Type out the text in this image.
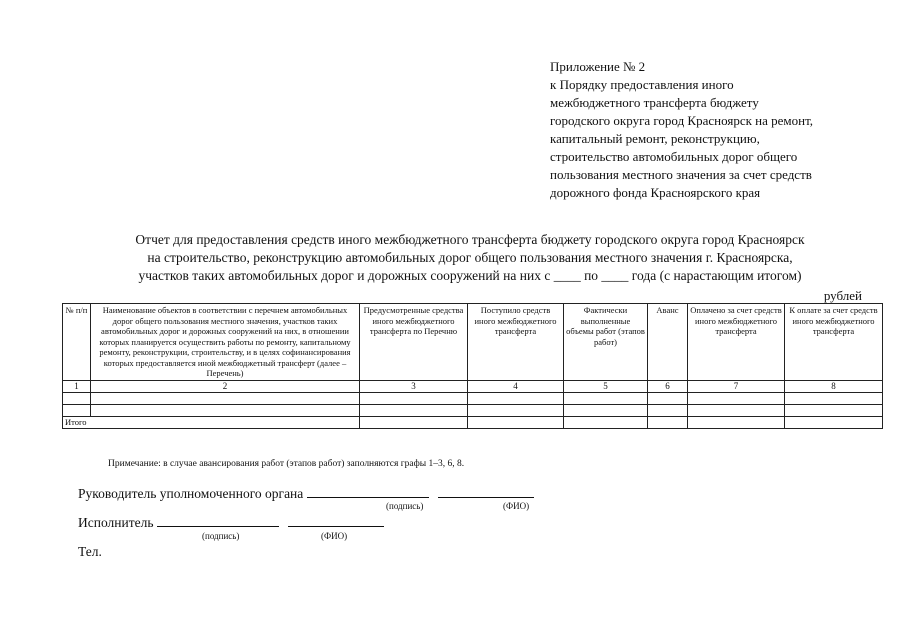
Приложение № 2
к Порядку предоставления иного
межбюджетного трансферта бюджету
городского округа город Красноярск на ремонт,
капитальный ремонт, реконструкцию,
строительство автомобильных дорог общего
пользования местного значения за счет средств
дорожного фонда Красноярского края
Отчет для предоставления средств иного межбюджетного трансферта бюджету городского округа город Красноярск
на строительство, реконструкцию автомобильных дорог общего пользования местного значения г. Красноярска,
участков таких автомобильных дорог и дорожных сооружений на них с ____ по ____ года (с нарастающим итогом)
рублей
№ п/п	Наименование объектов в соответствии с перечнем автомобильных дорог общего пользования местного значения, участков таких автомобильных дорог и дорожных сооружений на них, в отношении которых планируется осуществить работы по ремонту, капитальному ремонту, реконструкции, строительству, и в целях софинансирования которых предоставляется иной межбюджетный трансферт (далее – Перечень)	Предусмотренные средства иного межбюджетного трансферта по Перечню	Поступило средств иного межбюджетного трансферта	Фактически выполненные объемы работ (этапов работ)	Аванс	Оплачено за счет средств иного межбюджетного трансферта	К оплате за счет средств иного межбюджетного трансферта
1	2	3	4	5	6	7	8

Итого							
Примечание: в случае авансирования работ (этапов работ) заполняются графы 1–3, 6, 8.
Руководитель уполномоченного органа
(подпись)	(ФИО)
Исполнитель
(подпись)	(ФИО)
Тел.
